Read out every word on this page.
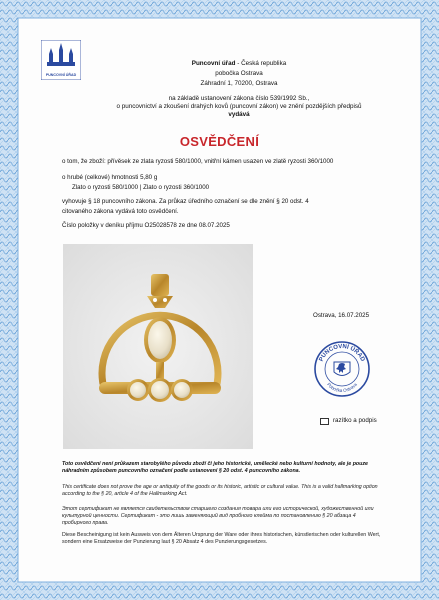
PUNCOVNÍ ÚŘAD
Puncovní úřad - Česká republika
pobočka Ostrava
Záhradní 1, 70200, Ostrava
na základě ustanovení zákona číslo 539/1992 Sb.,
o puncovnictví a zkoušení drahých kovů (puncovní zákon) ve znění pozdějších předpisů
vydává
OSVĚDČENÍ
o tom, že zboží: přívěsek ze zlata ryzosti 580/1000, vnitřní kámen usazen ve zlatě ryzosti 360/1000
o hrubé (celkové) hmotnosti 5,80 g
Zlato o ryzosti 580/1000 | Zlato o ryzosti 360/1000
vyhovuje § 18 puncovního zákona. Za průkaz úředního označení se dle znění § 20 odst. 4
citovaného zákona vydává toto osvědčení.
Číslo položky v deníku příjmu O25028578 ze dne 08.07.2025
Ostrava, 16.07.2025
PUNCOVNÍ ÚŘAD
Pobočka Ostrava
razítko a podpis
Toto osvědčení není průkazem starobylého původu zboží či jeho historické, umělecké nebo kulturní hodnoty, ale je pouze náhradním způsobem puncovního označení podle ustanovení § 20 odst. 4 puncovního zákona.
This certificate does not prove the age or antiquity of the goods or its historic, artistic or cultural value. This is a valid hallmarking option according to the § 20, article 4 of the Hallmarking Act.
Этот сертификат не является свидетельством старшего создания товара или его исторической, художественной или культурной ценности. Сертификат - это лишь заменяющий вид пробного клейма по постановлению § 20 абзаца 4 пробирного права.
Diese Bescheinigung ist kein Ausweis von dem Älteren Ursprung der Ware oder ihres historischen, künstlerischen oder kulturellen Wert, sondern eine Ersatzweise der Punzierung laut § 20 Absatz 4 des Punzierungsgesetzes.
